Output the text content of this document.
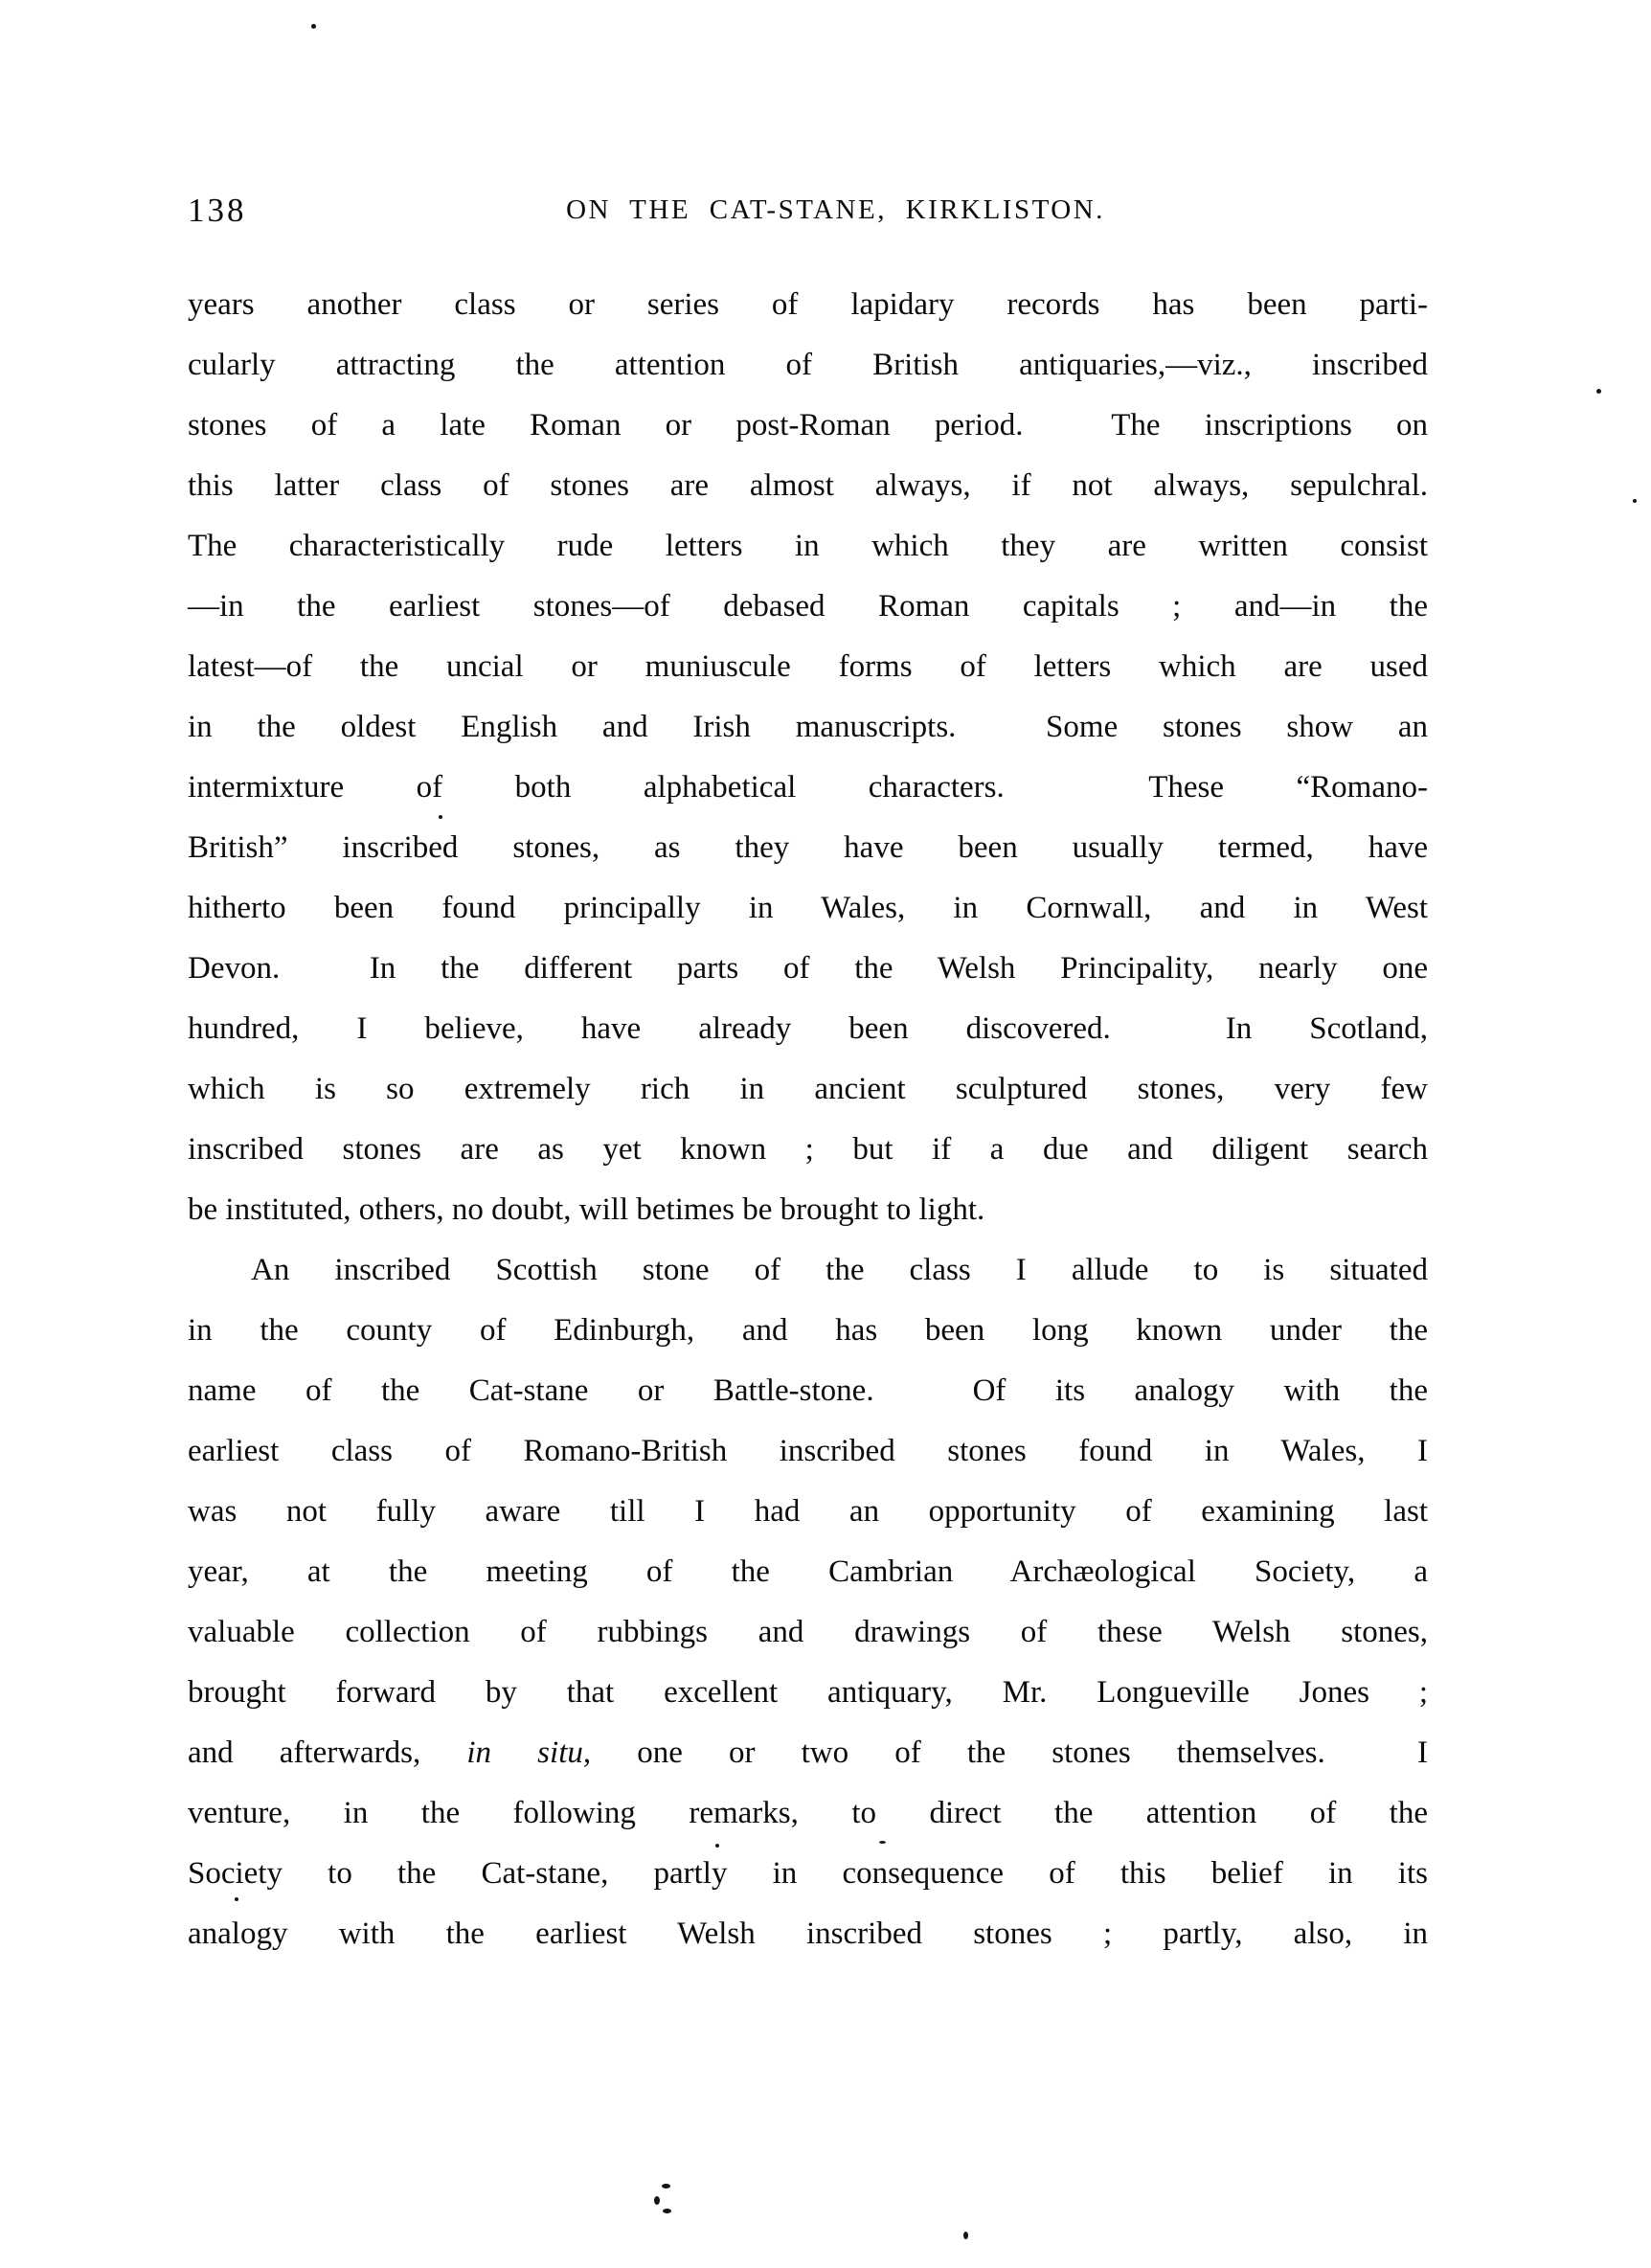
138	ON THE CAT-STANE, KIRKLISTON.
years another class or series of lapidary records has been parti-
cularly attracting the attention of British antiquaries,—viz., inscribed
stones of a late Roman or post-Roman period.  The inscriptions on
this latter class of stones are almost always, if not always, sepulchral.
The characteristically rude letters in which they are written consist
—in the earliest stones—of debased Roman capitals ; and—in the
latest—of the uncial or muniuscule forms of letters which are used
in the oldest English and Irish manuscripts.  Some stones show an
intermixture of both alphabetical characters.  These “Romano-
British” inscribed stones, as they have been usually termed, have
hitherto been found principally in Wales, in Cornwall, and in West
Devon.  In the different parts of the Welsh Principality, nearly one
hundred, I believe, have already been discovered.  In Scotland,
which is so extremely rich in ancient sculptured stones, very few
inscribed stones are as yet known ; but if a due and diligent search
be instituted, others, no doubt, will betimes be brought to light.
An inscribed Scottish stone of the class I allude to is situated
in the county of Edinburgh, and has been long known under the
name of the Cat-stane or Battle-stone.  Of its analogy with the
earliest class of Romano-British inscribed stones found in Wales, I
was not fully aware till I had an opportunity of examining last
year, at the meeting of the Cambrian Archæological Society, a
valuable collection of rubbings and drawings of these Welsh stones,
brought forward by that excellent antiquary, Mr. Longueville Jones ;
and afterwards, in situ, one or two of the stones themselves.  I
venture, in the following remarks, to direct the attention of the
Society to the Cat-stane, partly in consequence of this belief in its
analogy with the earliest Welsh inscribed stones ; partly, also, in
